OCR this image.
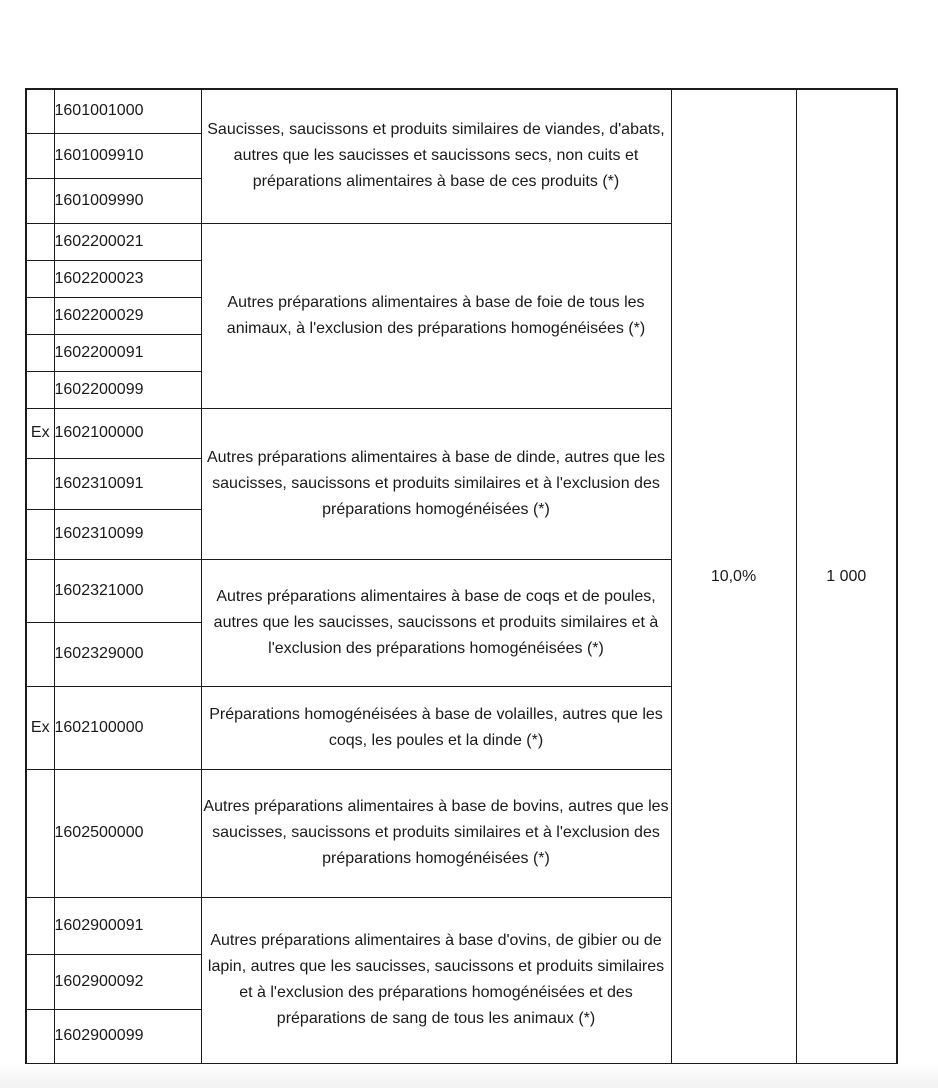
	1601001000	Saucisses, saucissons et produits similaires de viandes, d'abats, autres que les saucisses et saucissons secs, non cuits et préparations alimentaires à base de ces produits (*)	10,0%	1 000
	1601009910			
	1601009990			
	1602200021	Autres préparations alimentaires à base de foie de tous les animaux, à l'exclusion des préparations homogénéisées (*)		
	1602200023			
	1602200029			
	1602200091			
	1602200099			
Ex	1602100000	Autres préparations alimentaires à base de dinde, autres que les saucisses, saucissons et produits similaires et à l'exclusion des préparations homogénéisées (*)		
	1602310091			
	1602310099			
	1602321000	Autres préparations alimentaires à base de coqs et de poules, autres que les saucisses, saucissons et produits similaires et à l'exclusion des préparations homogénéisées (*)		
	1602329000			
Ex	1602100000	Préparations homogénéisées à base de volailles, autres que les coqs, les poules et la dinde (*)		
	1602500000	Autres préparations alimentaires à base de bovins, autres que les saucisses, saucissons et produits similaires et à l'exclusion des préparations homogénéisées (*)		
	1602900091	Autres préparations alimentaires à base d'ovins, de gibier ou de lapin, autres que les saucisses, saucissons et produits similaires et à l'exclusion des préparations homogénéisées et des préparations de sang de tous les animaux (*)		
	1602900092			
	1602900099			
